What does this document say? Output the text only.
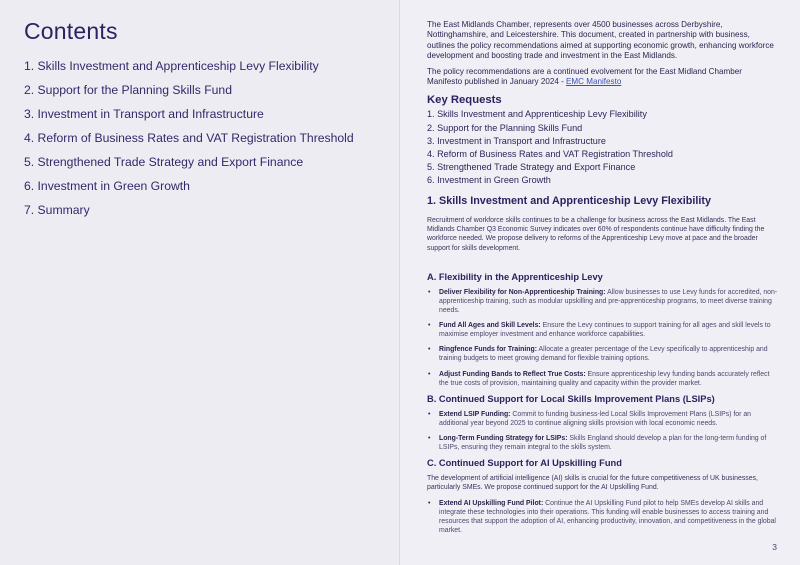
Contents
1. Skills Investment and Apprenticeship Levy Flexibility
2. Support for the Planning Skills Fund
3. Investment in Transport and Infrastructure
4. Reform of Business Rates and VAT Registration Threshold
5. Strengthened Trade Strategy and Export Finance
6. Investment in Green Growth
7. Summary

The East Midlands Chamber, represents over 4500 businesses across Derbyshire, Nottinghamshire, and Leicestershire. This document, created in partnership with business, outlines the policy recommendations aimed at supporting economic growth, enhancing workforce development and boosting trade and investment in the East Midlands.

The policy recommendations are a continued evolvement for the East Midland Chamber Manifesto published in January 2024 - EMC Manifesto

Key Requests
1. Skills Investment and Apprenticeship Levy Flexibility
2. Support for the Planning Skills Fund
3. Investment in Transport and Infrastructure
4. Reform of Business Rates and VAT Registration Threshold
5. Strengthened Trade Strategy and Export Finance
6. Investment in Green Growth
1. Skills Investment and Apprenticeship Levy Flexibility

Recruitment of workforce skills continues to be a challenge for business across the East Midlands. The East Midlands Chamber Q3 Economic Survey indicates over 60% of respondents continue have difficulty finding the workforce needed. We propose delivery to reforms of the Apprenticeship Levy move at pace and the broader support for skills development.

A. Flexibility in the Apprenticeship Levy
• Deliver Flexibility for Non-Apprenticeship Training: Allow businesses to use Levy funds for accredited, non-apprenticeship training, such as modular upskilling and pre-apprenticeship programs, to meet diverse training needs.
• Fund All Ages and Skill Levels: Ensure the Levy continues to support training for all ages and skill levels to maximise employer investment and enhance workforce capabilities.
• Ringfence Funds for Training: Allocate a greater percentage of the Levy specifically to apprenticeship and training budgets to meet growing demand for flexible training options.
• Adjust Funding Bands to Reflect True Costs: Ensure apprenticeship levy funding bands accurately reflect the true costs of provision, maintaining quality and capacity within the provider market.
B. Continued Support for Local Skills Improvement Plans (LSIPs)
• Extend LSIP Funding: Commit to funding business-led Local Skills Improvement Plans (LSIPs) for an additional year beyond 2025 to continue aligning skills provision with local economic needs.
• Long-Term Funding Strategy for LSIPs: Skills England should develop a plan for the long-term funding of LSIPs, ensuring they remain integral to the skills system.
C. Continued Support for AI Upskilling Fund

The development of artificial intelligence (AI) skills is crucial for the future competitiveness of UK businesses, particularly SMEs. We propose continued support for the AI Upskilling Fund.

• Extend AI Upskilling Fund Pilot: Continue the AI Upskilling Fund pilot to help SMEs develop AI skills and integrate these technologies into their operations. This funding will enable businesses to access training and resources that support the adoption of AI, enhancing productivity, innovation, and competitiveness in the global market.
3
